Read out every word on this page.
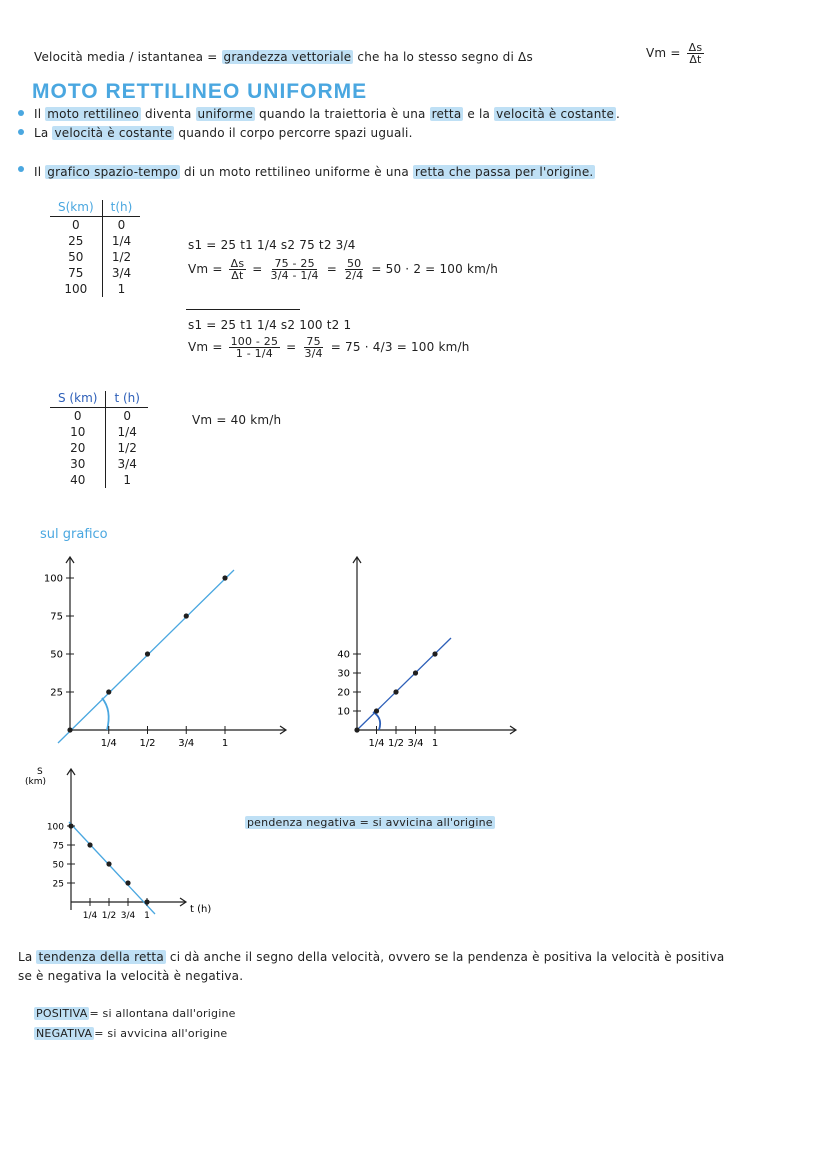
Velocità media / istantanea = grandezza vettoriale che ha lo stesso segno di Δs	$Vm = \frac{\Delta s}{\Delta t}$
MOTO RETTILINEO UNIFORME
Il moto rettilineo diventa uniforme quando la traiettoria è una retta e la velocità è costante .
La velocità è costante quando il corpo percorre spazi uguali.
Il grafico spazio-tempo di un moto rettilineo uniforme è una retta che passa per l'origine.
S(km)	t(h)
0	0
25	1/4
50	1/2
75	3/4
100	1
s1 = 25 t1 1/4 s2 75 t2 3/4
$Vm = \frac{\Delta s}{\Delta t} = \frac{75 - 25}{3/4 - 1/4} = \frac{50}{2/4} = 50 \cdot 2 = 100$ km/h
s1 = 25 t1 1/4 s2 100 t2 1
$Vm = \frac{100 - 25}{1 - 1/4} = \frac{75}{3/4} = 75 \cdot 4/3 = 100$ km/h
S (km)	t (h)
0	0
10	1/4
20	1/2
30	3/4
40	1
Vm = 40 km/h
sul grafico
100
75
50
25
1/4 1/2 3/4	1
40
30
20
10
1/4 1/2 3/4 1
S
(km)
t (h)
100
75
50
25
1/4 1/2 3/4 1
pendenza negativa = si avvicina all'origine
La tendenza della retta ci dà anche il segno della velocità, ovvero se la pendenza è positiva la velocità è positiva
se è negativa la velocità è negativa.
POSITIVA = si allontana dall'origine
NEGATIVA = si avvicina all'origine
